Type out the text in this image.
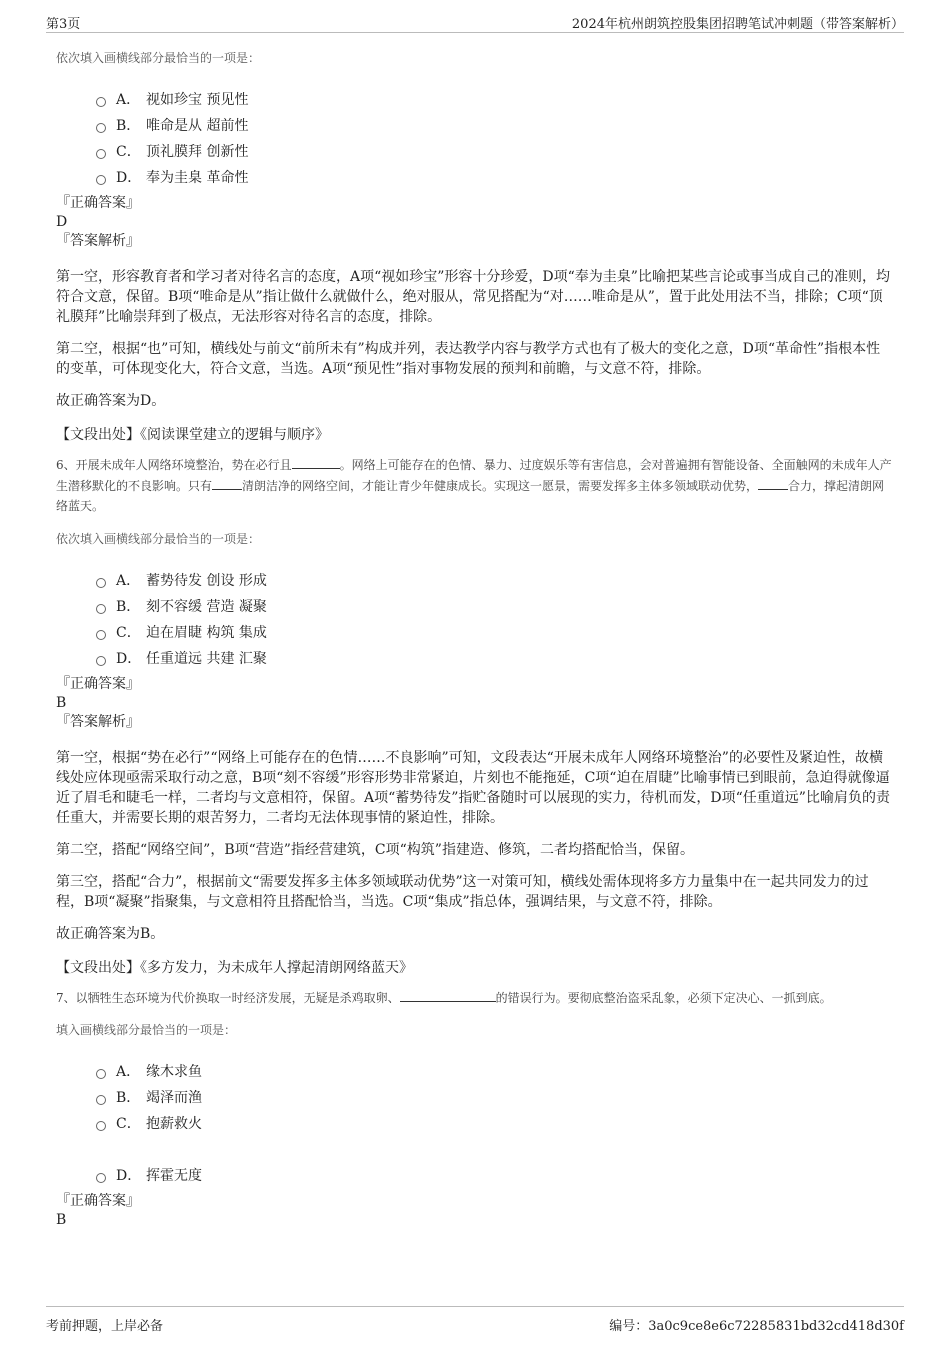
第3页	2024年杭州朗筑控股集团招聘笔试冲刺题（带答案解析）

依次填入画横线部分最恰当的一项是：

A． 视如珍宝 预见性
B． 唯命是从 超前性
C． 顶礼膜拜 创新性
D． 奉为圭臬 革命性

『正确答案』

D

『答案解析』

第一空，形容教育者和学习者对待名言的态度，A项“视如珍宝”形容十分珍爱，D项“奉为圭臬”比喻把某些言论或事当成自己的准则，均符合文意，保留。B项“唯命是从”指让做什么就做什么，绝对服从，常见搭配为“对……唯命是从”，置于此处用法不当，排除；C项“顶礼膜拜”比喻崇拜到了极点，无法形容对待名言的态度，排除。

第二空，根据“也”可知，横线处与前文“前所未有”构成并列，表达教学内容与教学方式也有了极大的变化之意，D项“革命性”指根本性的变革，可体现变化大，符合文意，当选。A项“预见性”指对事物发展的预判和前瞻，与文意不符，排除。

故正确答案为D。

【文段出处】《阅读课堂建立的逻辑与顺序》

6、开展未成年人网络环境整治，势在必行且	。网络上可能存在的色情、暴力、过度娱乐等有害信息，会对普遍拥有智能设备、全面触网的未成年人产生潜移默化的不良影响。只有	清朗洁净的网络空间，才能让青少年健康成长。实现这一愿景，需要发挥多主体多领域联动优势，	合力，撑起清朗网络蓝天。

依次填入画横线部分最恰当的一项是：

A． 蓄势待发 创设 形成
B． 刻不容缓 营造 凝聚
C． 迫在眉睫 构筑 集成
D． 任重道远 共建 汇聚

『正确答案』

B

『答案解析』

第一空，根据“势在必行”“网络上可能存在的色情……不良影响”可知，文段表达“开展未成年人网络环境整治”的必要性及紧迫性，故横线处应体现亟需采取行动之意，B项“刻不容缓”形容形势非常紧迫，片刻也不能拖延，C项“迫在眉睫”比喻事情已到眼前，急迫得就像逼近了眉毛和睫毛一样，二者均与文意相符，保留。A项“蓄势待发”指贮备随时可以展现的实力，待机而发，D项“任重道远”比喻肩负的责任重大，并需要长期的艰苦努力，二者均无法体现事情的紧迫性，排除。

第二空，搭配“网络空间”，B项“营造”指经营建筑，C项“构筑”指建造、修筑，二者均搭配恰当，保留。

第三空，搭配“合力”，根据前文“需要发挥多主体多领域联动优势”这一对策可知，横线处需体现将多方力量集中在一起共同发力的过程，B项“凝聚”指聚集，与文意相符且搭配恰当，当选。C项“集成”指总体，强调结果，与文意不符，排除。

故正确答案为B。

【文段出处】《多方发力，为未成年人撑起清朗网络蓝天》

7、以牺牲生态环境为代价换取一时经济发展，无疑是杀鸡取卵、	的错误行为。要彻底整治盗采乱象，必须下定决心、一抓到底。

填入画横线部分最恰当的一项是：

A． 缘木求鱼
B． 竭泽而渔
C． 抱薪救火
D． 挥霍无度

『正确答案』

B

考前押题，上岸必备	编号：3a0c9ce8e6c72285831bd32cd418d30f
